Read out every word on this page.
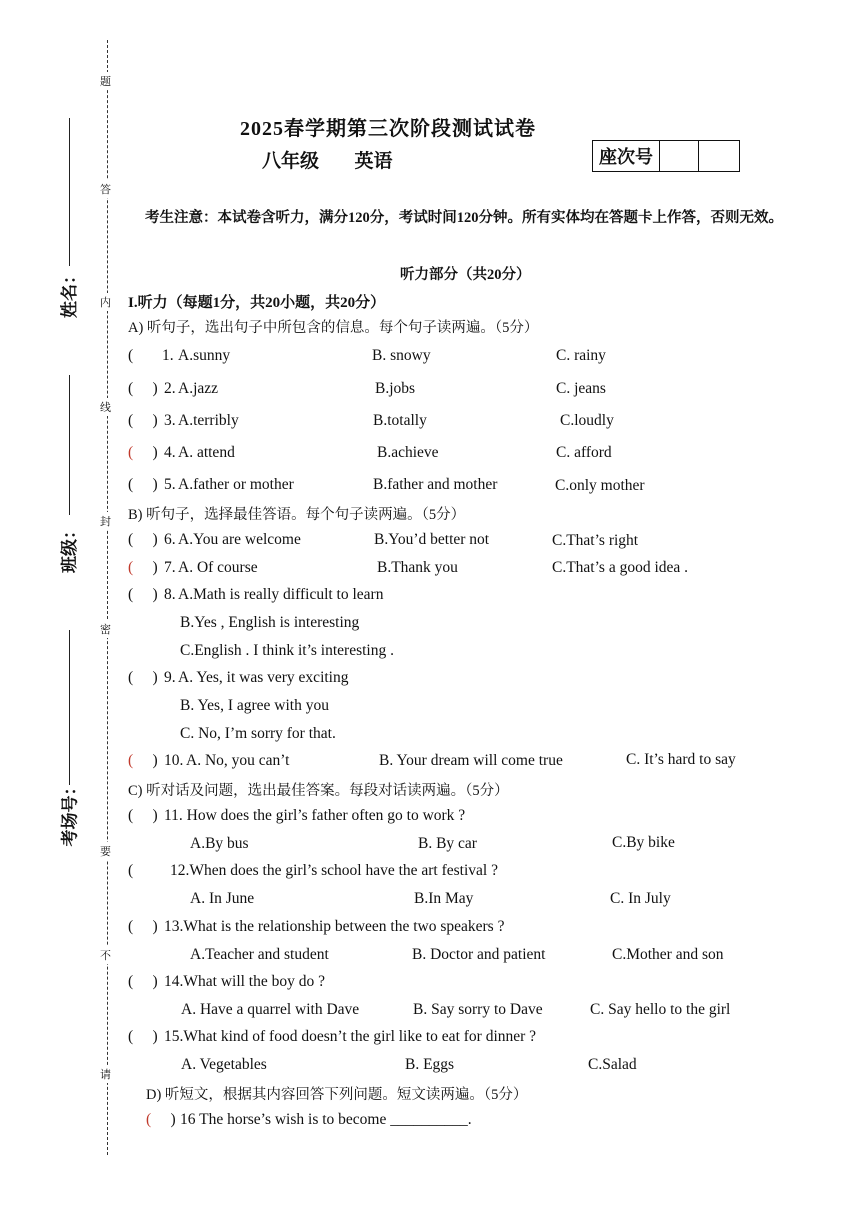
题
答
内
线
封
密
要
不
请
姓名：
班级：
考场号：
2025春学期第三次阶段测试试卷
八年级 英语	座次号
考生注意：本试卷含听力，满分120分，考试时间120分钟。所有实体均在答题卡上作答，否则无效。
听力部分（共20分）
I.听力（每题1分，共20小题，共20分）
A) 听句子，选出句子中所包含的信息。每个句子读两遍。（5分）
( 1. A.sunny	B. snowy	C. rainy
(     ) 2. A.jazz	B.jobs	C. jeans
(     ) 3. A.terribly	B.totally	C.loudly
(     ) 4. A. attend	B.achieve	C. afford
(     ) 5. A.father or mother	B.father and mother	C.only mother
B) 听句子，选择最佳答语。每个句子读两遍。（5分）
(     ) 6. A.You are welcome	B.You’d better not	C.That’s right
(     ) 7. A. Of course	B.Thank you	C.That’s a good idea .
(     ) 8. A.Math is really difficult to learn
B.Yes , English is interesting
C.English . I think it’s interesting .
(     ) 9. A. Yes, it was very exciting
B. Yes, I agree with you
C. No, I’m sorry for that.
(     ) 10. A. No, you can’t	B. Your dream will come true	C. It’s hard to say
C) 听对话及问题，选出最佳答案。每段对话读两遍。（5分）
(     ) 11. How does the girl’s father often go to work ?
A.By bus	B. By car	C.By bike
( 12.When does the girl’s school have the art festival ?
A. In June	B.In May	C. In July
(     ) 13.What is the relationship between the two speakers ?
A.Teacher and student	B. Doctor and patient	C.Mother and son
(     ) 14.What will the boy do ?
A. Have a quarrel with Dave	B. Say sorry to Dave	C. Say hello to the girl
(     ) 15.What kind of food doesn’t the girl like to eat for dinner ?
A. Vegetables	B. Eggs	C.Salad
D) 听短文，根据其内容回答下列问题。短文读两遍。（5分）
(     ) 16 The horse’s wish is to become __________.
